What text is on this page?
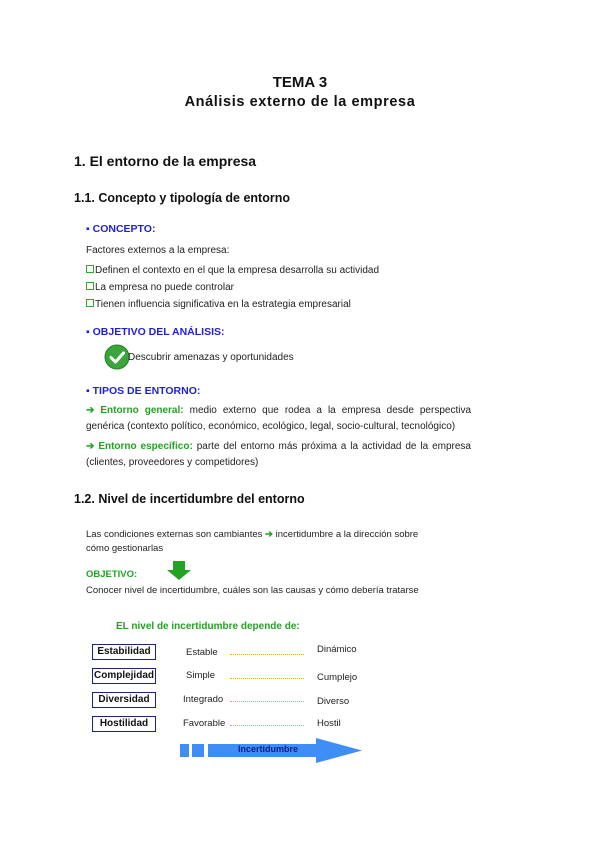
TEMA 3
Análisis externo de la empresa
1. El entorno de la empresa
1.1. Concepto y tipología de entorno
▪ CONCEPTO:
Factores externos a la empresa:
Definen el contexto en el que la empresa desarrolla su actividad
La empresa no puede controlar
Tienen influencia significativa en la estrategia empresarial
▪ OBJETIVO DEL ANÁLISIS:
Descubrir amenazas y oportunidades
▪ TIPOS DE ENTORNO:
➔ Entorno general: medio externo que rodea a la empresa desde perspectiva genérica (contexto político, económico, ecológico, legal, socio-cultural, tecnológico)
➔ Entorno específico: parte del entorno más próxima a la actividad de la empresa (clientes, proveedores y competidores)
1.2. Nivel de incertidumbre del entorno
Las condiciones externas son cambiantes ➔ incertidumbre a la dirección sobre
cómo gestionarlas
OBJETIVO:
Conocer nivel de incertidumbre, cuáles son las causas y cómo debería tratarse
EL nivel de incertidumbre depende de:
Estabilidad	Estable	Dinámico
Complejidad	Simple	Cumplejo
Diversidad	Integrado	Diverso
Hostilidad	Favorable	Hostil
Incertidumbre
